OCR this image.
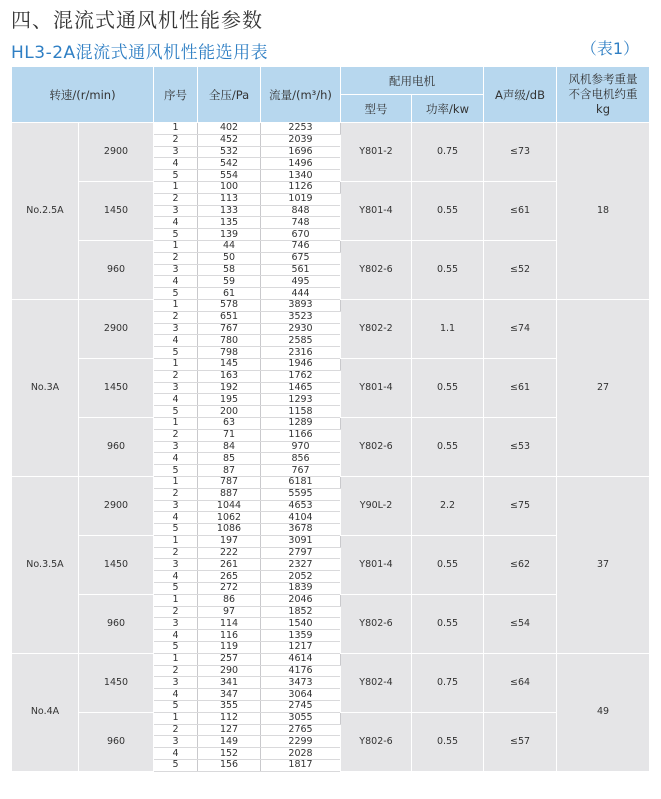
四、混流式通风机性能参数
HL3-2A混流式通风机性能选用表	（表1）
转速/(r/min)		序号	全压/Pa	流量/(m³/h)	配用电机		A声级/dB	风机参考重量不含电机约重kg
					型号	功率/kw		
No.2.5A	2900	1	402	2253	Y801-2	0.75	≤73	18
		2	452	2039				
		3	532	1696				
		4	542	1496				
		5	554	1340				
	1450	1	100	1126	Y801-4	0.55	≤61	
		2	113	1019				
		3	133	848				
		4	135	748				
		5	139	670				
	960	1	44	746	Y802-6	0.55	≤52	
		2	50	675				
		3	58	561				
		4	59	495				
		5	61	444				
No.3A	2900	1	578	3893	Y802-2	1.1	≤74	27
		2	651	3523				
		3	767	2930				
		4	780	2585				
		5	798	2316				
	1450	1	145	1946	Y801-4	0.55	≤61	
		2	163	1762				
		3	192	1465				
		4	195	1293				
		5	200	1158				
	960	1	63	1289	Y802-6	0.55	≤53	
		2	71	1166				
		3	84	970				
		4	85	856				
		5	87	767				
No.3.5A	2900	1	787	6181	Y90L-2	2.2	≤75	37
		2	887	5595				
		3	1044	4653				
		4	1062	4104				
		5	1086	3678				
	1450	1	197	3091	Y801-4	0.55	≤62	
		2	222	2797				
		3	261	2327				
		4	265	2052				
		5	272	1839				
	960	1	86	2046	Y802-6	0.55	≤54	
		2	97	1852				
		3	114	1540				
		4	116	1359				
		5	119	1217				
No.4A	1450	1	257	4614	Y802-4	0.75	≤64	49
		2	290	4176				
		3	341	3473				
		4	347	3064				
		5	355	2745				
	960	1	112	3055	Y802-6	0.55	≤57	
		2	127	2765				
		3	149	2299				
		4	152	2028				
		5	156	1817				
